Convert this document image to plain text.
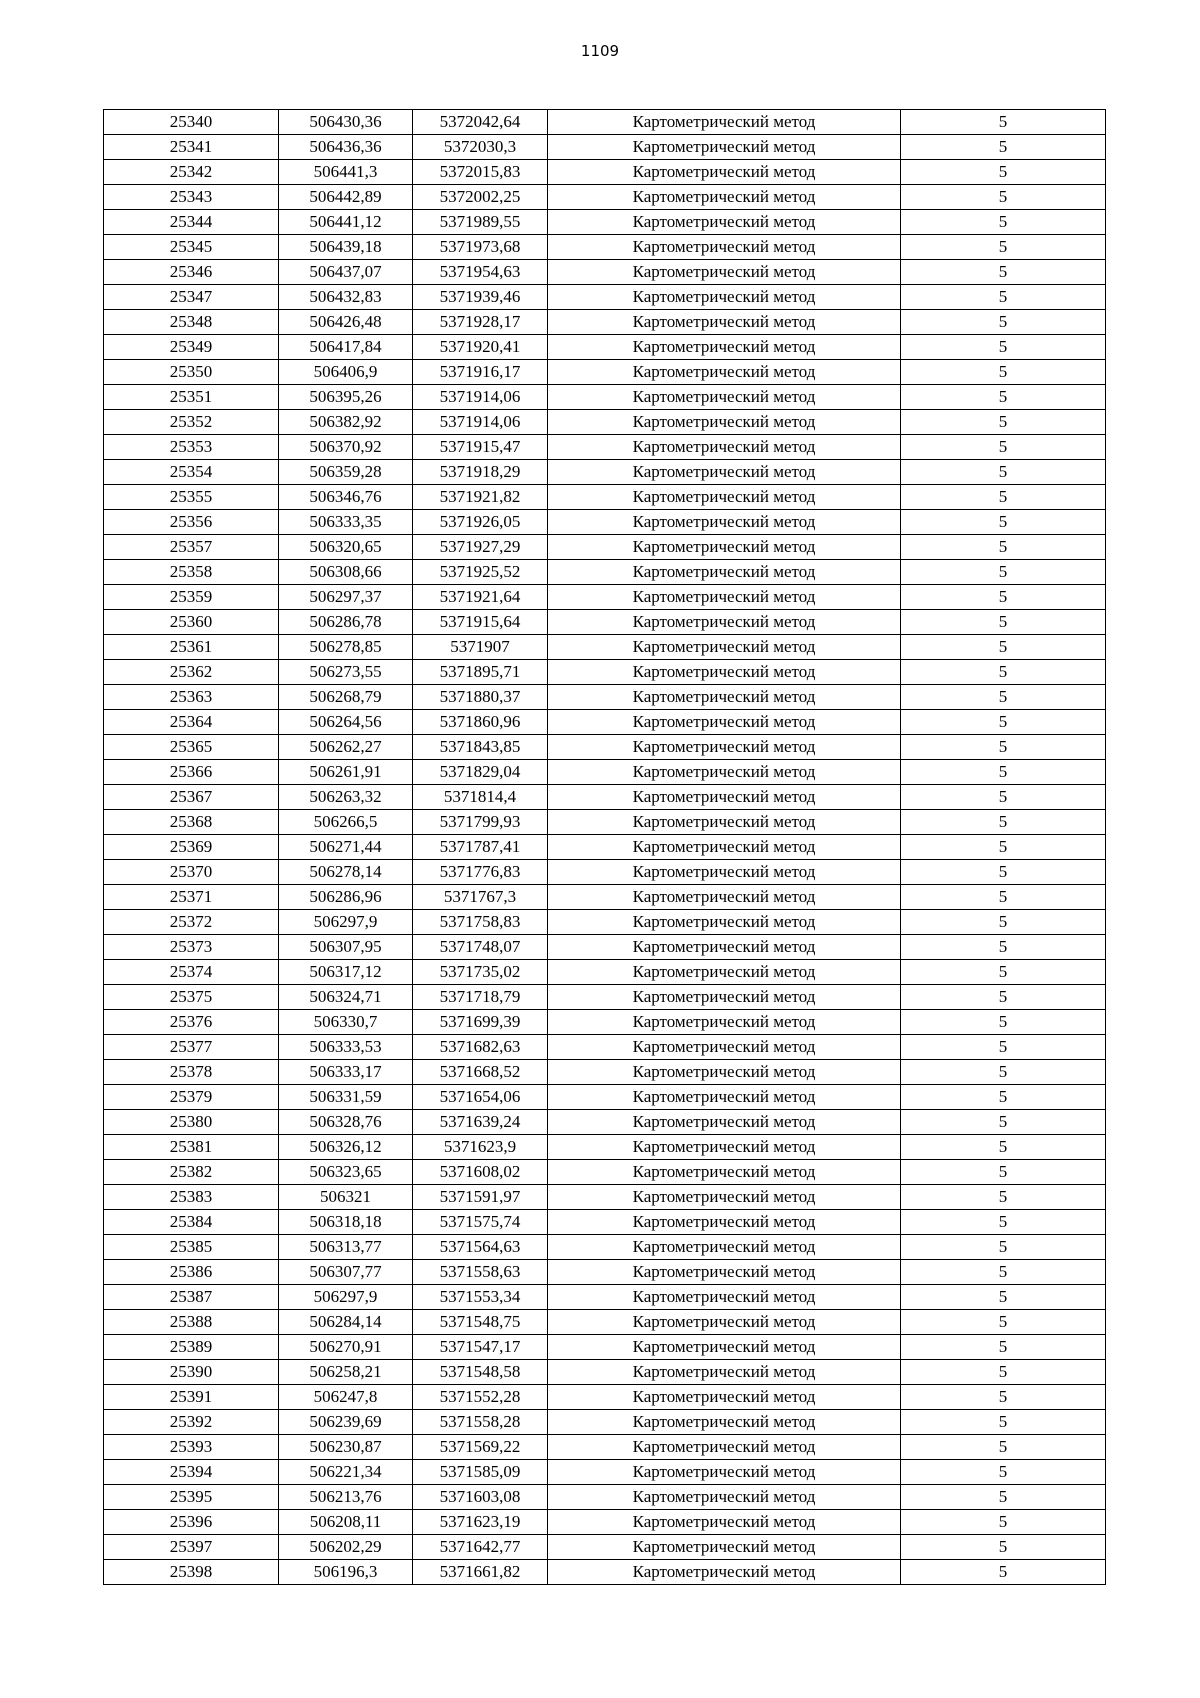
1109
25340	506430,36	5372042,64	Картометрический метод	5
25341	506436,36	5372030,3	Картометрический метод	5
25342	506441,3	5372015,83	Картометрический метод	5
25343	506442,89	5372002,25	Картометрический метод	5
25344	506441,12	5371989,55	Картометрический метод	5
25345	506439,18	5371973,68	Картометрический метод	5
25346	506437,07	5371954,63	Картометрический метод	5
25347	506432,83	5371939,46	Картометрический метод	5
25348	506426,48	5371928,17	Картометрический метод	5
25349	506417,84	5371920,41	Картометрический метод	5
25350	506406,9	5371916,17	Картометрический метод	5
25351	506395,26	5371914,06	Картометрический метод	5
25352	506382,92	5371914,06	Картометрический метод	5
25353	506370,92	5371915,47	Картометрический метод	5
25354	506359,28	5371918,29	Картометрический метод	5
25355	506346,76	5371921,82	Картометрический метод	5
25356	506333,35	5371926,05	Картометрический метод	5
25357	506320,65	5371927,29	Картометрический метод	5
25358	506308,66	5371925,52	Картометрический метод	5
25359	506297,37	5371921,64	Картометрический метод	5
25360	506286,78	5371915,64	Картометрический метод	5
25361	506278,85	5371907	Картометрический метод	5
25362	506273,55	5371895,71	Картометрический метод	5
25363	506268,79	5371880,37	Картометрический метод	5
25364	506264,56	5371860,96	Картометрический метод	5
25365	506262,27	5371843,85	Картометрический метод	5
25366	506261,91	5371829,04	Картометрический метод	5
25367	506263,32	5371814,4	Картометрический метод	5
25368	506266,5	5371799,93	Картометрический метод	5
25369	506271,44	5371787,41	Картометрический метод	5
25370	506278,14	5371776,83	Картометрический метод	5
25371	506286,96	5371767,3	Картометрический метод	5
25372	506297,9	5371758,83	Картометрический метод	5
25373	506307,95	5371748,07	Картометрический метод	5
25374	506317,12	5371735,02	Картометрический метод	5
25375	506324,71	5371718,79	Картометрический метод	5
25376	506330,7	5371699,39	Картометрический метод	5
25377	506333,53	5371682,63	Картометрический метод	5
25378	506333,17	5371668,52	Картометрический метод	5
25379	506331,59	5371654,06	Картометрический метод	5
25380	506328,76	5371639,24	Картометрический метод	5
25381	506326,12	5371623,9	Картометрический метод	5
25382	506323,65	5371608,02	Картометрический метод	5
25383	506321	5371591,97	Картометрический метод	5
25384	506318,18	5371575,74	Картометрический метод	5
25385	506313,77	5371564,63	Картометрический метод	5
25386	506307,77	5371558,63	Картометрический метод	5
25387	506297,9	5371553,34	Картометрический метод	5
25388	506284,14	5371548,75	Картометрический метод	5
25389	506270,91	5371547,17	Картометрический метод	5
25390	506258,21	5371548,58	Картометрический метод	5
25391	506247,8	5371552,28	Картометрический метод	5
25392	506239,69	5371558,28	Картометрический метод	5
25393	506230,87	5371569,22	Картометрический метод	5
25394	506221,34	5371585,09	Картометрический метод	5
25395	506213,76	5371603,08	Картометрический метод	5
25396	506208,11	5371623,19	Картометрический метод	5
25397	506202,29	5371642,77	Картометрический метод	5
25398	506196,3	5371661,82	Картометрический метод	5
